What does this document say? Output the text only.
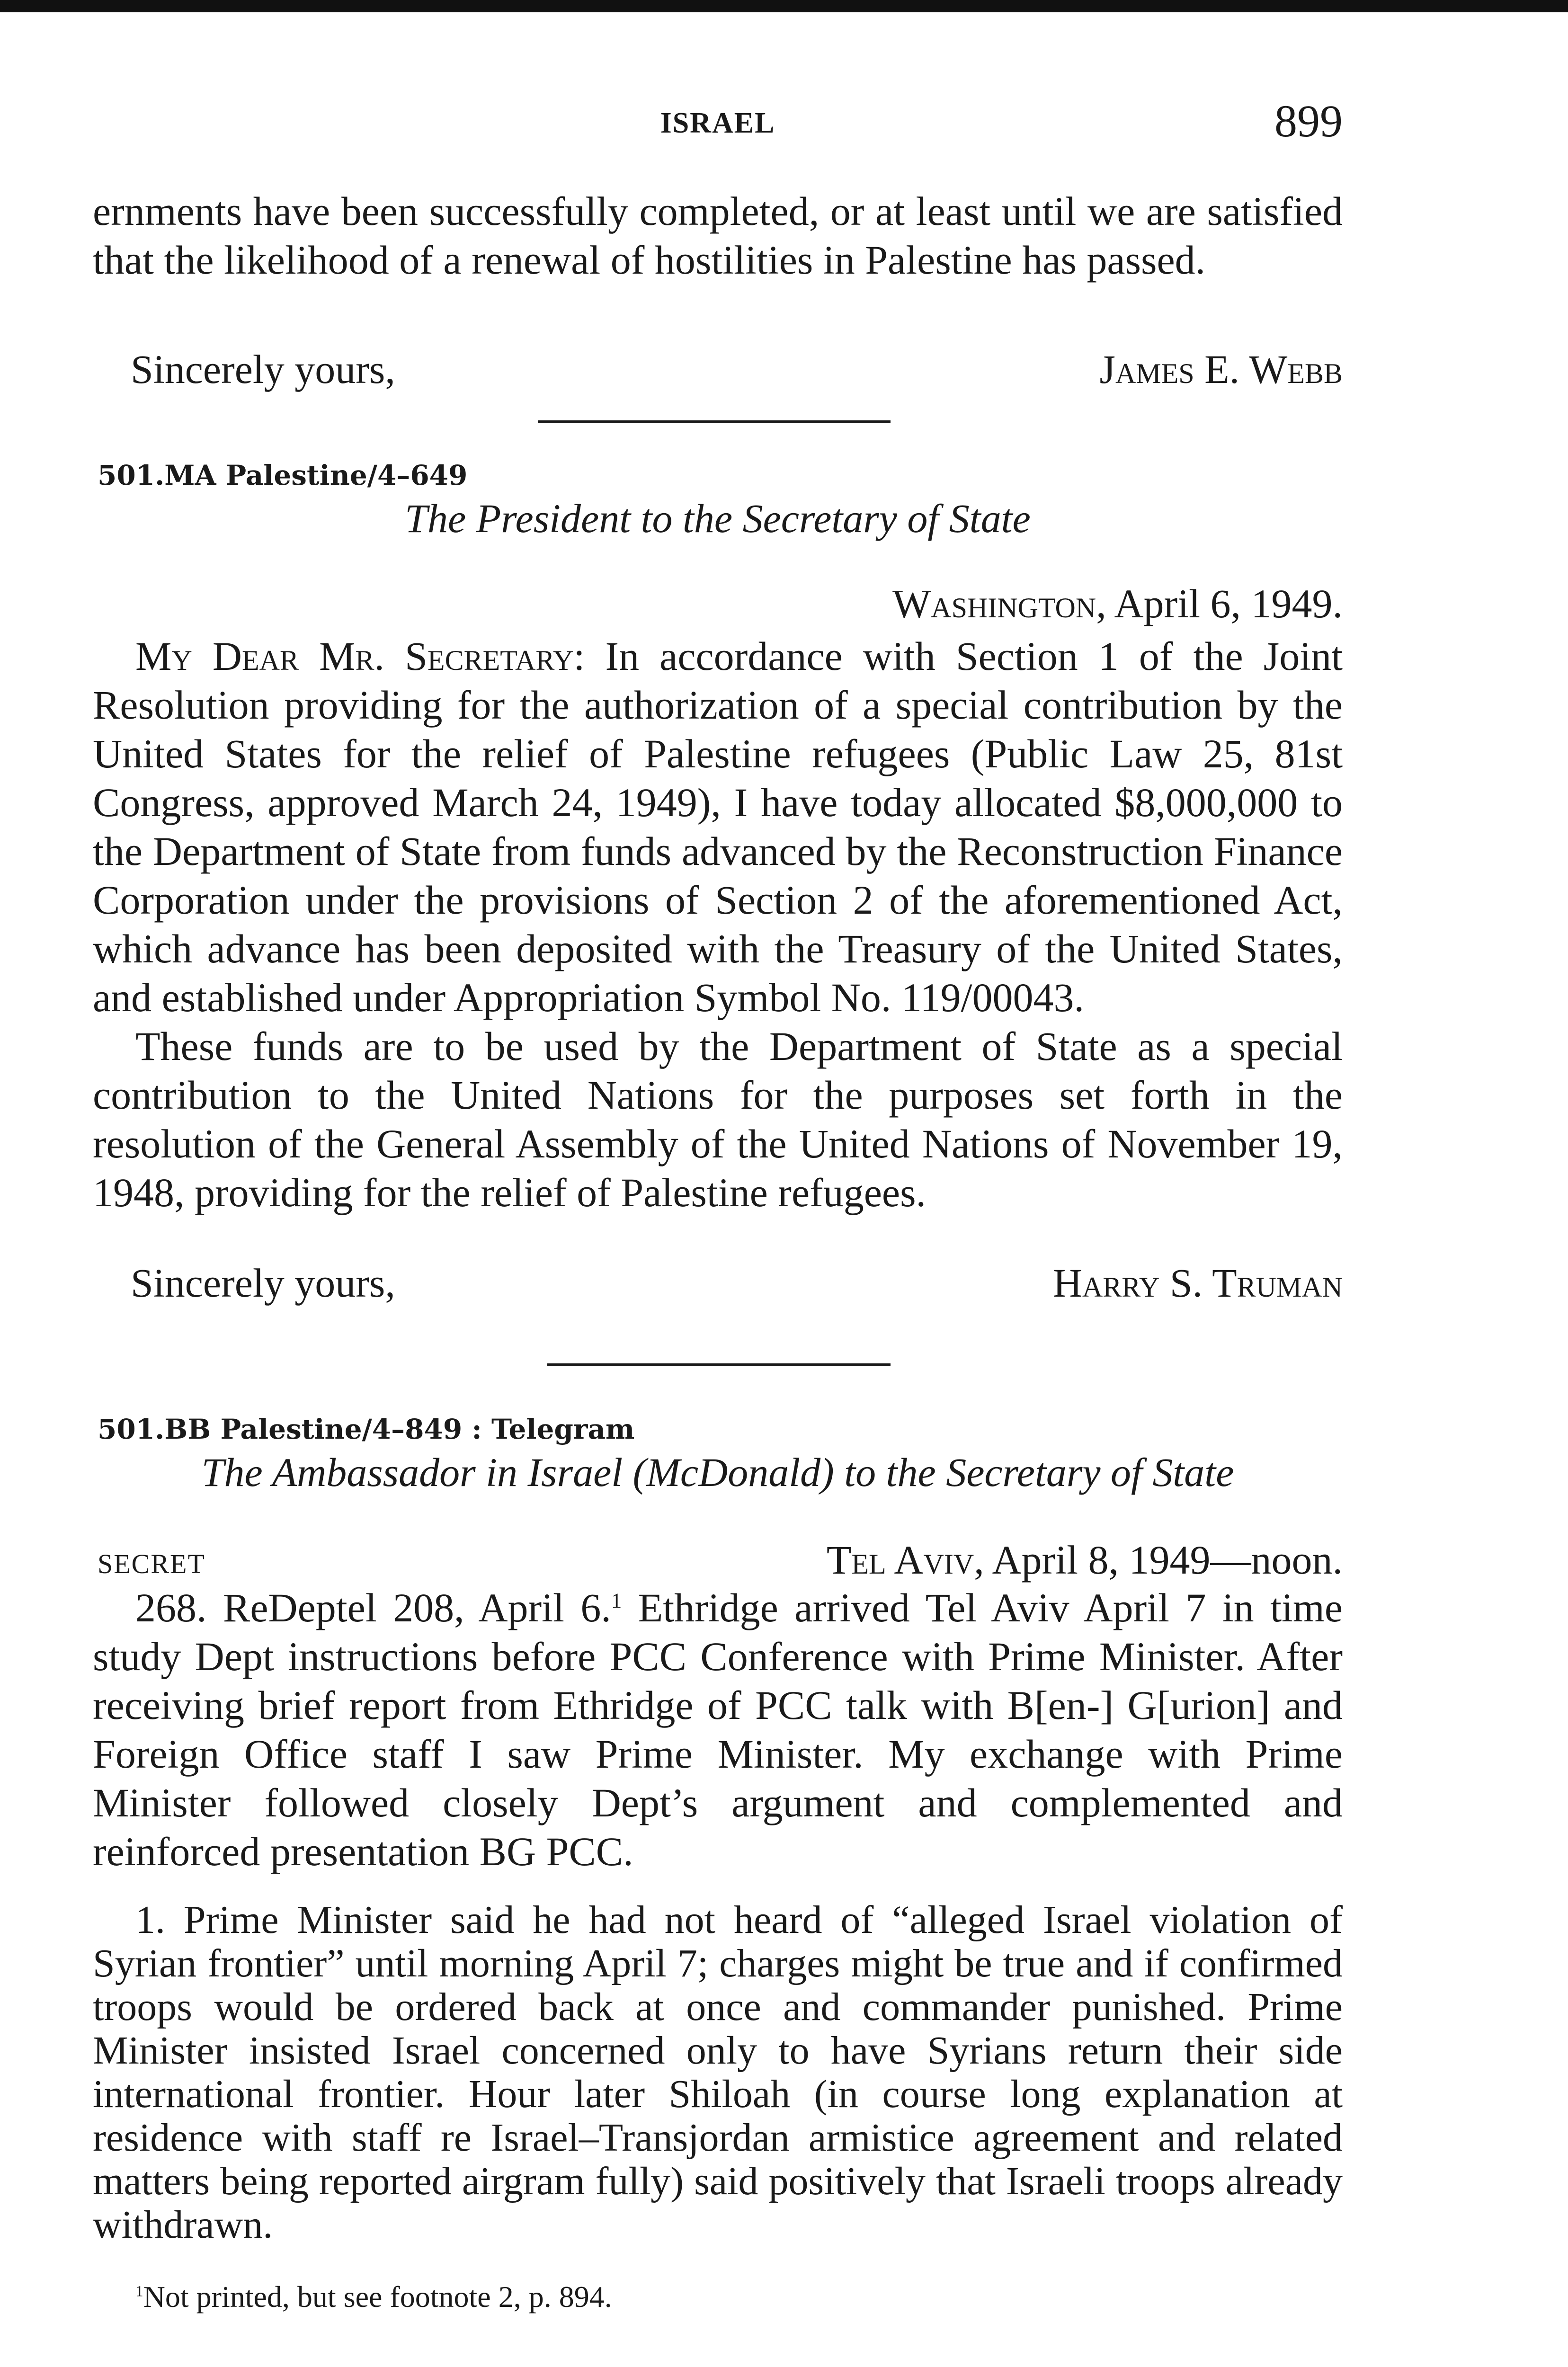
ISRAEL	899

ernments have been successfully completed, or at least until we are satisfied that the likelihood of a renewal of hostilities in Palestine has passed.

Sincerely yours,	James E. Webb
501.MA Palestine/4–649
The President to the Secretary of State
Washington, April 6, 1949.

My Dear Mr. Secretary: In accordance with Section 1 of the Joint Resolution providing for the authorization of a special contribution by the United States for the relief of Palestine refugees (Public Law 25, 81st Congress, approved March 24, 1949), I have today allocated $8,000,000 to the Department of State from funds advanced by the Reconstruction Finance Corporation under the provisions of Section 2 of the aforementioned Act, which advance has been deposited with the Treasury of the United States, and established under Appropriation Symbol No. 119/00043.

These funds are to be used by the Department of State as a special contribution to the United Nations for the purposes set forth in the resolution of the General Assembly of the United Nations of November 19, 1948, providing for the relief of Palestine refugees.

Sincerely yours,	Harry S. Truman
501.BB Palestine/4–849 : Telegram
The Ambassador in Israel (McDonald) to the Secretary of State
SECRET	Tel Aviv, April 8, 1949—noon.

268. ReDeptel 208, April 6.$^1$ Ethridge arrived Tel Aviv April 7 in time study Dept instructions before PCC Conference with Prime Minister. After receiving brief report from Ethridge of PCC talk with B[en-] G[urion] and Foreign Office staff I saw Prime Minister. My exchange with Prime Minister followed closely Dept’s argument and complemented and reinforced presentation BG PCC.

1. Prime Minister said he had not heard of “alleged Israel violation of Syrian frontier” until morning April 7; charges might be true and if confirmed troops would be ordered back at once and commander punished. Prime Minister insisted Israel concerned only to have Syrians return their side international frontier. Hour later Shiloah (in course long explanation at residence with staff re Israel–Transjordan armistice agreement and related matters being reported airgram fully) said positively that Israeli troops already withdrawn.

$^1$Not printed, but see footnote 2, p. 894.
